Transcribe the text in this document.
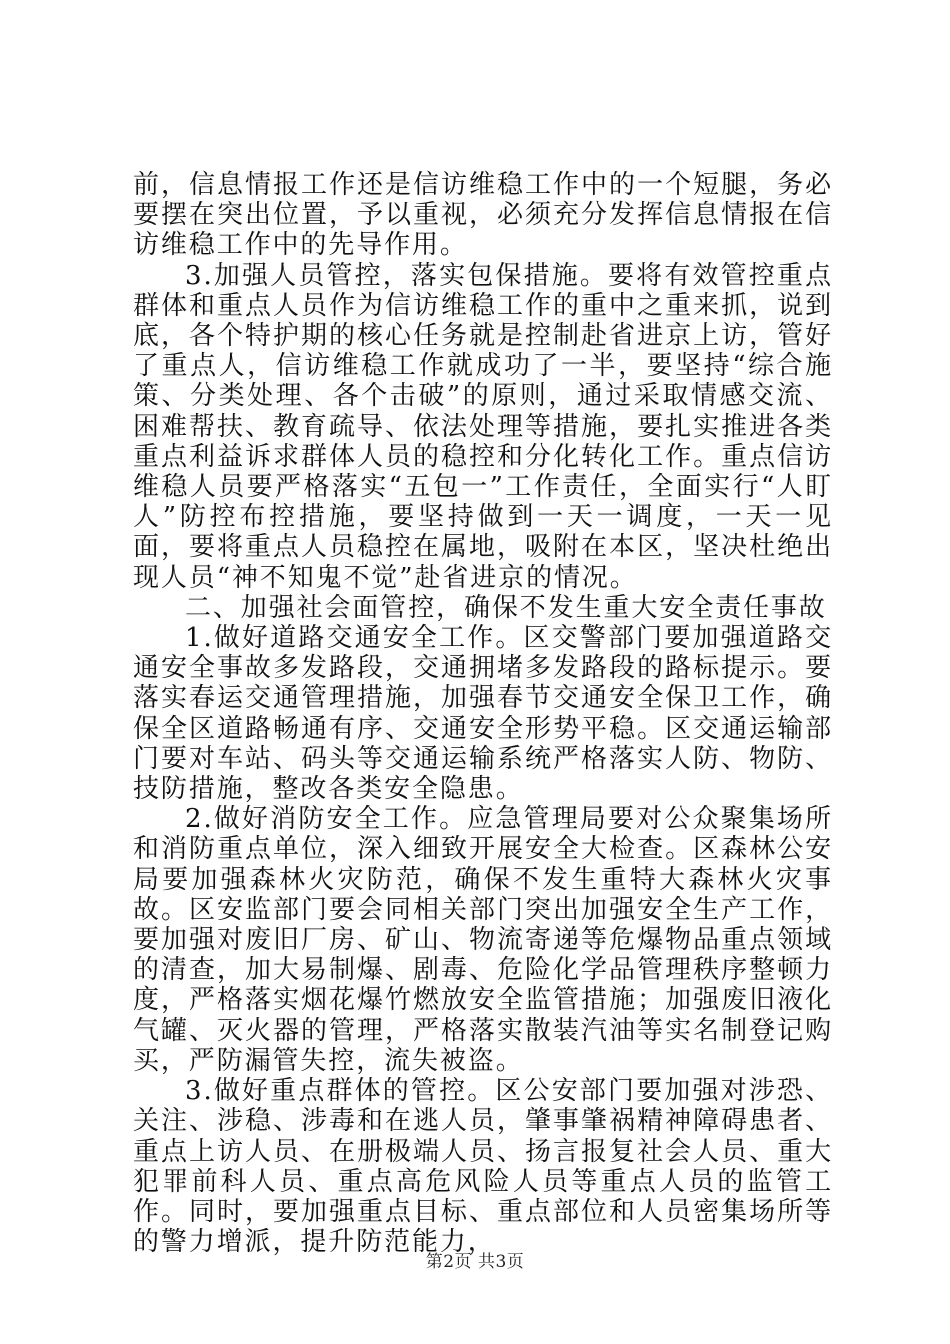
前，信息情报工作还是信访维稳工作中的一个短腿，务必要摆在突出位置，予以重视，必须充分发挥信息情报在信访维稳工作中的先导作用。

3.加强人员管控，落实包保措施。要将有效管控重点群体和重点人员作为信访维稳工作的重中之重来抓，说到底，各个特护期的核心任务就是控制赴省进京上访，管好了重点人，信访维稳工作就成功了一半，要坚持“综合施策、分类处理、各个击破”的原则，通过采取情感交流、困难帮扶、教育疏导、依法处理等措施，要扎实推进各类重点利益诉求群体人员的稳控和分化转化工作。重点信访维稳人员要严格落实“五包一”工作责任，全面实行“人盯人”防控布控措施，要坚持做到一天一调度，一天一见面，要将重点人员稳控在属地，吸附在本区，坚决杜绝出现人员“神不知鬼不觉”赴省进京的情况。

二、加强社会面管控，确保不发生重大安全责任事故

1.做好道路交通安全工作。区交警部门要加强道路交通安全事故多发路段，交通拥堵多发路段的路标提示。要落实春运交通管理措施，加强春节交通安全保卫工作，确保全区道路畅通有序、交通安全形势平稳。区交通运输部门要对车站、码头等交通运输系统严格落实人防、物防、技防措施，整改各类安全隐患。

2.做好消防安全工作。应急管理局要对公众聚集场所和消防重点单位，深入细致开展安全大检查。区森林公安局要加强森林火灾防范，确保不发生重特大森林火灾事故。区安监部门要会同相关部门突出加强安全生产工作，要加强对废旧厂房、矿山、物流寄递等危爆物品重点领域的清查，加大易制爆、剧毒、危险化学品管理秩序整顿力度，严格落实烟花爆竹燃放安全监管措施；加强废旧液化气罐、灭火器的管理，严格落实散装汽油等实名制登记购买，严防漏管失控，流失被盗。

3.做好重点群体的管控。区公安部门要加强对涉恐、关注、涉稳、涉毒和在逃人员，肇事肇祸精神障碍患者、重点上访人员、在册极端人员、扬言报复社会人员、重大犯罪前科人员、重点高危风险人员等重点人员的监管工作。同时，要加强重点目标、重点部位和人员密集场所等的警力增派，提升防范能力，

第2页 共3页
